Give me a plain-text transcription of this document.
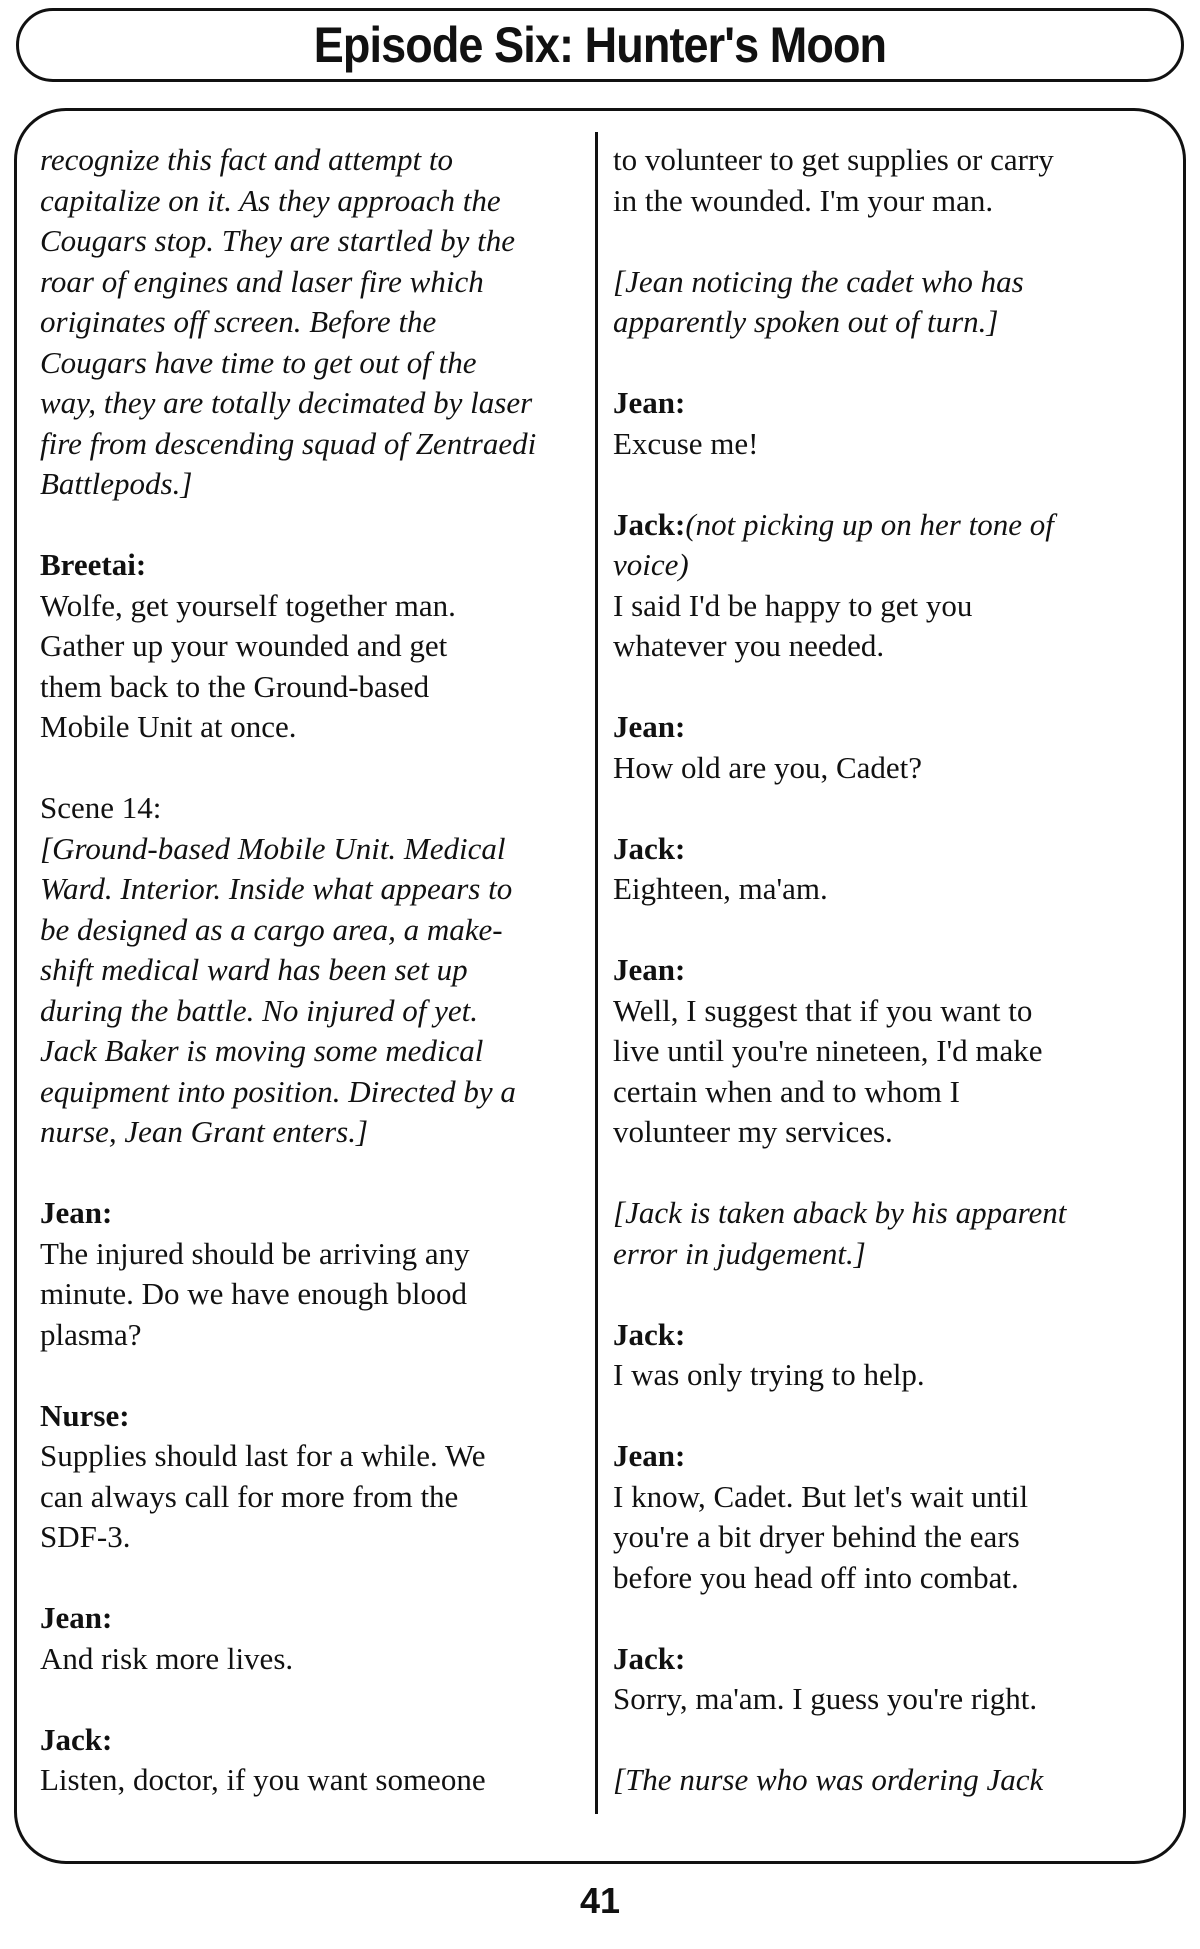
Episode Six: Hunter's Moon
recognize this fact and attempt to
capitalize on it. As they approach the
Cougars stop. They are startled by the
roar of engines and laser fire which
originates off screen. Before the
Cougars have time to get out of the
way, they are totally decimated by laser
fire from descending squad of Zentraedi
Battlepods.]
Breetai:
Wolfe, get yourself together man.
Gather up your wounded and get
them back to the Ground-based
Mobile Unit at once.
Scene 14:
[Ground-based Mobile Unit. Medical
Ward. Interior. Inside what appears to
be designed as a cargo area, a make-
shift medical ward has been set up
during the battle. No injured of yet.
Jack Baker is moving some medical
equipment into position. Directed by a
nurse, Jean Grant enters.]
Jean:
The injured should be arriving any
minute. Do we have enough blood
plasma?
Nurse:
Supplies should last for a while. We
can always call for more from the
SDF-3.
Jean:
And risk more lives.
Jack:
Listen, doctor, if you want someone
to volunteer to get supplies or carry
in the wounded. I'm your man.
[Jean noticing the cadet who has
apparently spoken out of turn.]
Jean:
Excuse me!
Jack:(not picking up on her tone of
voice)
I said I'd be happy to get you
whatever you needed.
Jean:
How old are you, Cadet?
Jack:
Eighteen, ma'am.
Jean:
Well, I suggest that if you want to
live until you're nineteen, I'd make
certain when and to whom I
volunteer my services.
[Jack is taken aback by his apparent
error in judgement.]
Jack:
I was only trying to help.
Jean:
I know, Cadet. But let's wait until
you're a bit dryer behind the ears
before you head off into combat.
Jack:
Sorry, ma'am. I guess you're right.
[The nurse who was ordering Jack
41
